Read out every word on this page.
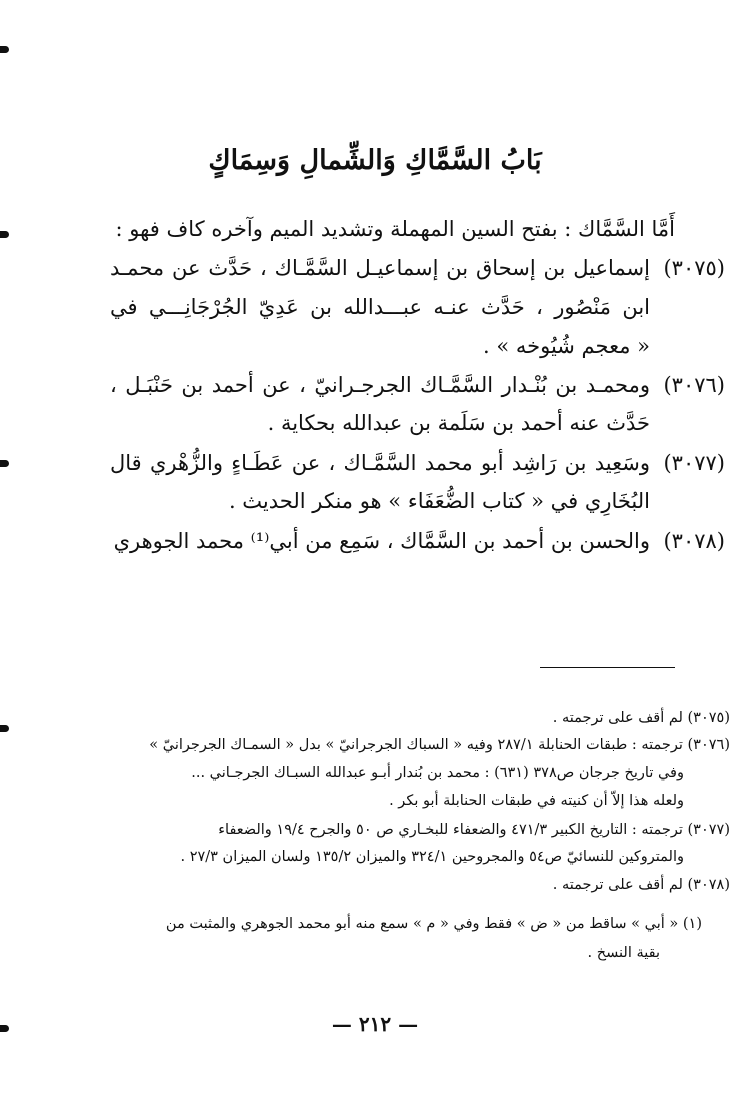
بَابُ السَّمَّاكِ وَالشِّمالِ وَسِمَاكٍ
أَمَّا السَّمَّاك : بفتح السين المهملة وتشديد الميم وآخره كاف فهو :
(٣٠٧٥)
إسماعيل بن إسحاق بن إسماعيـل السَّمَّـاك ، حَدَّث عن محمـد
ابن مَنْصُور ، حَدَّث عنـه عبـــدالله بن عَدِيّ الجُرْجَانِـــي في
« معجم شُيُوخه » .
(٣٠٧٦)
ومحمـد بن بُنْـدار السَّمَّـاك الجرجـرانيّ ، عن أحمد بن حَنْبَـل ،
حَدَّث عنه أحمد بن سَلَمة بن عبدالله بحكاية .
(٣٠٧٧)
وسَعِيد بن رَاشِد أبو محمد السَّمَّـاك ، عن عَطَـاءٍ والزُّهْري قال
البُخَارِي في « كتاب الضُّعَفَاء » هو منكر الحديث .
(٣٠٧٨)
والحسن بن أحمد بن السَّمَّاك ، سَمِع من أبي⁽¹⁾ محمد الجوهري
(٣٠٧٥) لم أقف على ترجمته .
(٣٠٧٦) ترجمته : طبقات الحنابلة ٢٨٧/١ وفيه « السباك الجرجرانيّ » بدل « السمـاك الجرجرانيّ »
وفي تاريخ جرجان ص٣٧٨ (٦٣١) : محمد بن بُندار أبـو عبدالله السبـاك الجرجـاني ...
ولعله هذا إلاّ أن كنيته في طبقات الحنابلة أبو بكر .
(٣٠٧٧) ترجمته : التاريخ الكبير ٤٧١/٣ والضعفاء للبخـاري ص ٥٠ والجرح ١٩/٤ والضعفاء
والمتروكين للنسائيّ ص٥٤ والمجروحين ٣٢٤/١ والميزان ١٣٥/٢ ولسان الميزان ٢٧/٣ .
(٣٠٧٨) لم أقف على ترجمته .
(١) « أبي » ساقط من « ض » فقط وفي « م » سمع منه أبو محمد الجوهري والمثبت من
بقية النسخ .
— ٢١٢ —
